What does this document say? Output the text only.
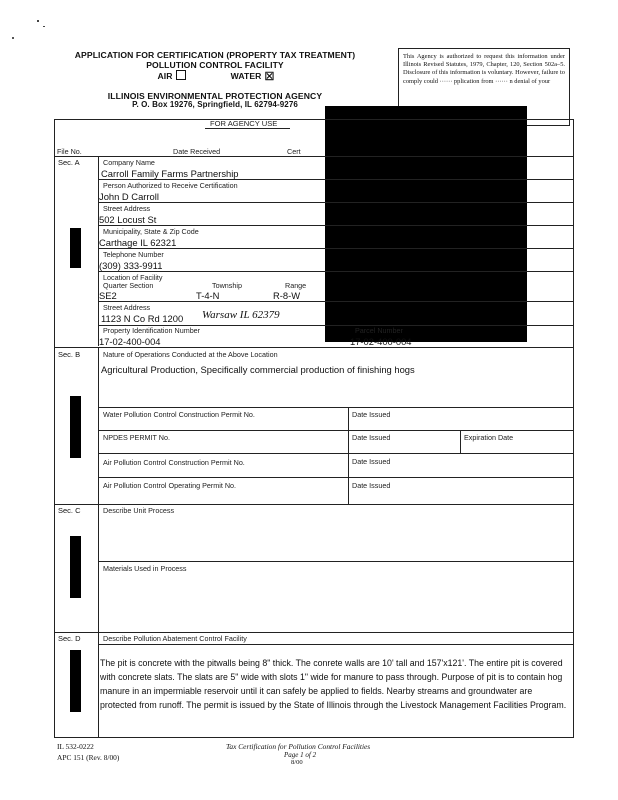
APPLICATION FOR CERTIFICATION (PROPERTY TAX TREATMENT)
POLLUTION CONTROL FACILITY
AIR	WATER ☒
ILLINOIS ENVIRONMENTAL PROTECTION AGENCY
P. O. Box 19276, Springfield, IL 62794-9276
This Agency is authorized to request this information under Illinois Revised Statutes, 1979, Chapter, 120, Section 502a–5. Disclosure of this information is voluntary. However, failure to comply could ······ pplication from ······ n denial of your
FOR AGENCY USE
File No.	Date Received	Cert
Sec. A	Company Name
Carroll Family Farms Partnership
Person Authorized to Receive Certification
John D Carroll
Street Address
502 Locust St
Municipality, State & Zip Code
Carthage IL 62321
Telephone Number
(309) 333-9911
Location of Facility
Quarter Section	Township	Range
SE2	T-4-N	R-8-W
Street Address
1123 N Co Rd 1200 Warsaw IL 62379
Property Identification Number	Parcel Number
17-02-400-004	17-02-400-004
Sec. B	Nature of Operations Conducted at the Above Location
Agricultural Production, Specifically commercial production of finishing hogs
Water Pollution Control Construction Permit No.	Date Issued
NPDES PERMIT No.	Date Issued	Expiration Date
Air Pollution Control Construction Permit No.	Date Issued
Air Pollution Control Operating Permit No.	Date Issued
Sec. C	Describe Unit Process
Materials Used in Process
Sec. D	Describe Pollution Abatement Control Facility
The pit is concrete with the pitwalls being 8" thick. The conrete walls are 10' tall and 157'x121'. The entire pit is covered with concrete slats. The slats are 5" wide with slots 1" wide for manure to pass through. Purpose of pit is to contain hog manure in an impermiable reservoir until it can safely be applied to fields. Nearby streams and groundwater are protected from runoff. The permit is issued by the State of Illinois through the Livestock Management Facilities Program.
IL 532-0222
APC 151 (Rev. 8/00)
Tax Certification for Pollution Control Facilities
Page 1 of 2
8/00
